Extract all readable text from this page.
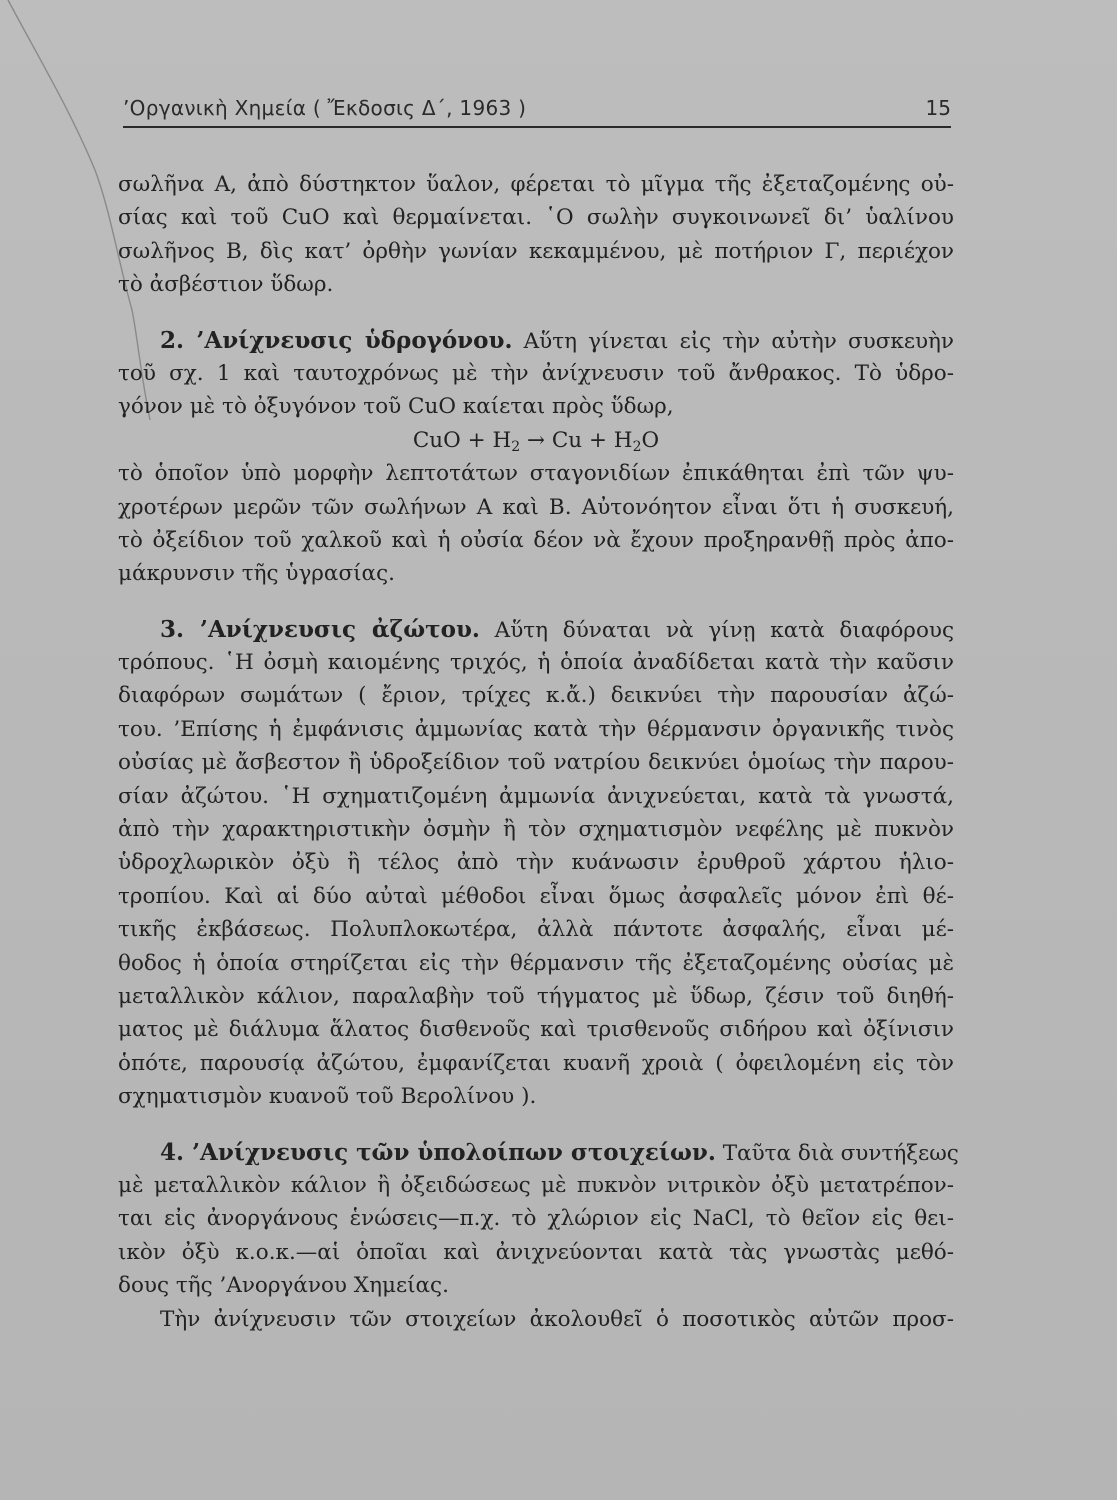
’Οργανικὴ Χημεία ( Ἔκδοσις Δ΄, 1963 )	15
σωλῆνα Α, ἀπὸ δύστηκτον ὕαλον, φέρεται τὸ μῖγμα τῆς ἐξεταζομένης οὐ-
σίας καὶ τοῦ CuO καὶ θερμαίνεται. ῾Ο σωλὴν συγκοινωνεῖ δι’ ὑαλίνου
σωλῆνος Β, δὶς κατ’ ὀρθὴν γωνίαν κεκαμμένου, μὲ ποτήριον Γ, περιέχον
τὸ ἀσβέστιον ὕδωρ.
2. ’Ανίχνευσις ὑδρογόνου. Αὕτη γίνεται εἰς τὴν αὐτὴν συσκευὴν
τοῦ σχ. 1 καὶ ταυτοχρόνως μὲ τὴν ἀνίχνευσιν τοῦ ἄνθρακος. Τὸ ὑδρο-
γόνον μὲ τὸ ὀξυγόνον τοῦ CuO καίεται πρὸς ὕδωρ,
CuO + $H_2 \to Cu + H_2O$
τὸ ὁποῖον ὑπὸ μορφὴν λεπτοτάτων σταγονιδίων ἐπικάθηται ἐπὶ τῶν ψυ-
χροτέρων μερῶν τῶν σωλήνων Α καὶ Β. Αὐτονόητον εἶναι ὅτι ἡ συσκευή,
τὸ ὀξείδιον τοῦ χαλκοῦ καὶ ἡ οὐσία δέον νὰ ἔχουν προξηρανθῇ πρὸς ἀπο-
μάκρυνσιν τῆς ὑγρασίας.
3. ’Ανίχνευσις ἀζώτου. Αὕτη δύναται νὰ γίνῃ κατὰ διαφόρους
τρόπους. ῾Η ὀσμὴ καιομένης τριχός, ἡ ὁποία ἀναδίδεται κατὰ τὴν καῦσιν
διαφόρων σωμάτων ( ἔριον, τρίχες κ.ἄ.) δεικνύει τὴν παρουσίαν ἀζώ-
του. ’Επίσης ἡ ἐμφάνισις ἀμμωνίας κατὰ τὴν θέρμανσιν ὀργανικῆς τινὸς
οὐσίας μὲ ἄσβεστον ἢ ὑδροξείδιον τοῦ νατρίου δεικνύει ὁμοίως τὴν παρου-
σίαν ἀζώτου. ῾Η σχηματιζομένη ἀμμωνία ἀνιχνεύεται, κατὰ τὰ γνωστά,
ἀπὸ τὴν χαρακτηριστικὴν ὀσμὴν ἢ τὸν σχηματισμὸν νεφέλης μὲ πυκνὸν
ὑδροχλωρικὸν ὀξὺ ἢ τέλος ἀπὸ τὴν κυάνωσιν ἐρυθροῦ χάρτου ἡλιο-
τροπίου. Καὶ αἱ δύο αὐταὶ μέθοδοι εἶναι ὅμως ἀσφαλεῖς μόνον ἐπὶ θέ-
τικῆς ἐκβάσεως. Πολυπλοκωτέρα, ἀλλὰ πάντοτε ἀσφαλής, εἶναι μέ-
θοδος ἡ ὁποία στηρίζεται εἰς τὴν θέρμανσιν τῆς ἐξεταζομένης οὐσίας μὲ
μεταλλικὸν κάλιον, παραλαβὴν τοῦ τήγματος μὲ ὕδωρ, ζέσιν τοῦ διηθή-
ματος μὲ διάλυμα ἅλατος δισθενοῦς καὶ τρισθενοῦς σιδήρου καὶ ὀξίνισιν
ὁπότε, παρουσίᾳ ἀζώτου, ἐμφανίζεται κυανῆ χροιὰ ( ὀφειλομένη εἰς τὸν
σχηματισμὸν κυανοῦ τοῦ Βερολίνου ).
4. ’Ανίχνευσις τῶν ὑπολοίπων στοιχείων. Ταῦτα διὰ συντήξεως
μὲ μεταλλικὸν κάλιον ἢ ὀξειδώσεως μὲ πυκνὸν νιτρικὸν ὀξὺ μετατρέπον-
ται εἰς ἀνοργάνους ἑνώσεις—π.χ. τὸ χλώριον εἰς NaCl, τὸ θεῖον εἰς θει-
ικὸν ὀξὺ κ.ο.κ.—αἱ ὁποῖαι καὶ ἀνιχνεύονται κατὰ τὰς γνωστὰς μεθό-
δους τῆς ’Ανοργάνου Χημείας.
Τὴν ἀνίχνευσιν τῶν στοιχείων ἀκολουθεῖ ὁ ποσοτικὸς αὐτῶν προσ-
